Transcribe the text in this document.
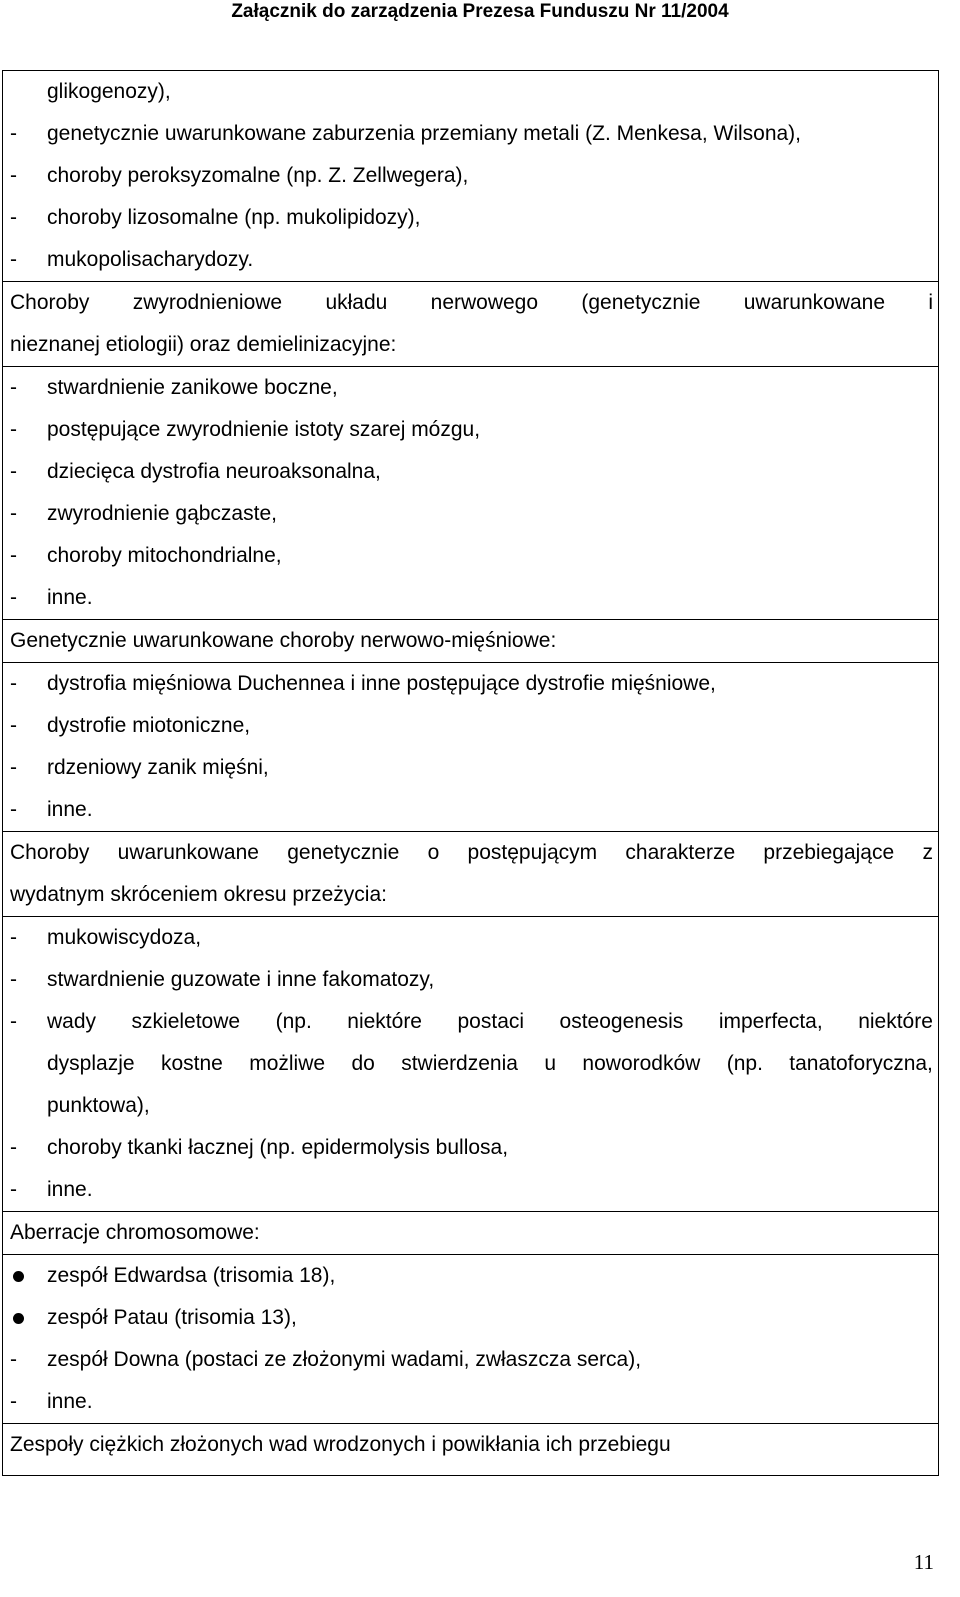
Załącznik do zarządzenia Prezesa Funduszu Nr 11/2004
glikogenozy),
- genetycznie uwarunkowane zaburzenia przemiany metali (Z. Menkesa, Wilsona),
- choroby peroksyzomalne (np. Z. Zellwegera),
- choroby lizosomalne (np. mukolipidozy),
- mukopolisacharydozy.
Choroby zwyrodnieniowe układu nerwowego (genetycznie uwarunkowane i
nieznanej etiologii) oraz demielinizacyjne:
- stwardnienie zanikowe boczne,
- postępujące zwyrodnienie istoty szarej mózgu,
- dziecięca dystrofia neuroaksonalna,
- zwyrodnienie gąbczaste,
- choroby mitochondrialne,
- inne.
Genetycznie uwarunkowane choroby nerwowo-mięśniowe:
- dystrofia mięśniowa Duchennea i inne postępujące dystrofie mięśniowe,
- dystrofie miotoniczne,
- rdzeniowy zanik mięśni,
- inne.
Choroby uwarunkowane genetycznie o postępującym charakterze przebiegające z
wydatnym skróceniem okresu przeżycia:
- mukowiscydoza,
- stwardnienie guzowate i inne fakomatozy,
- wady szkieletowe (np. niektóre postaci osteogenesis imperfecta, niektóre
dysplazje kostne możliwe do stwierdzenia u noworodków (np. tanatoforyczna,
punktowa),
- choroby tkanki łacznej (np. epidermolysis bullosa,
- inne.
Aberracje chromosomowe:
zespół Edwardsa (trisomia 18),
zespół Patau (trisomia 13),
- zespół Downa (postaci ze złożonymi wadami, zwłaszcza serca),
- inne.
Zespoły ciężkich złożonych wad wrodzonych i powikłania ich przebiegu
11
